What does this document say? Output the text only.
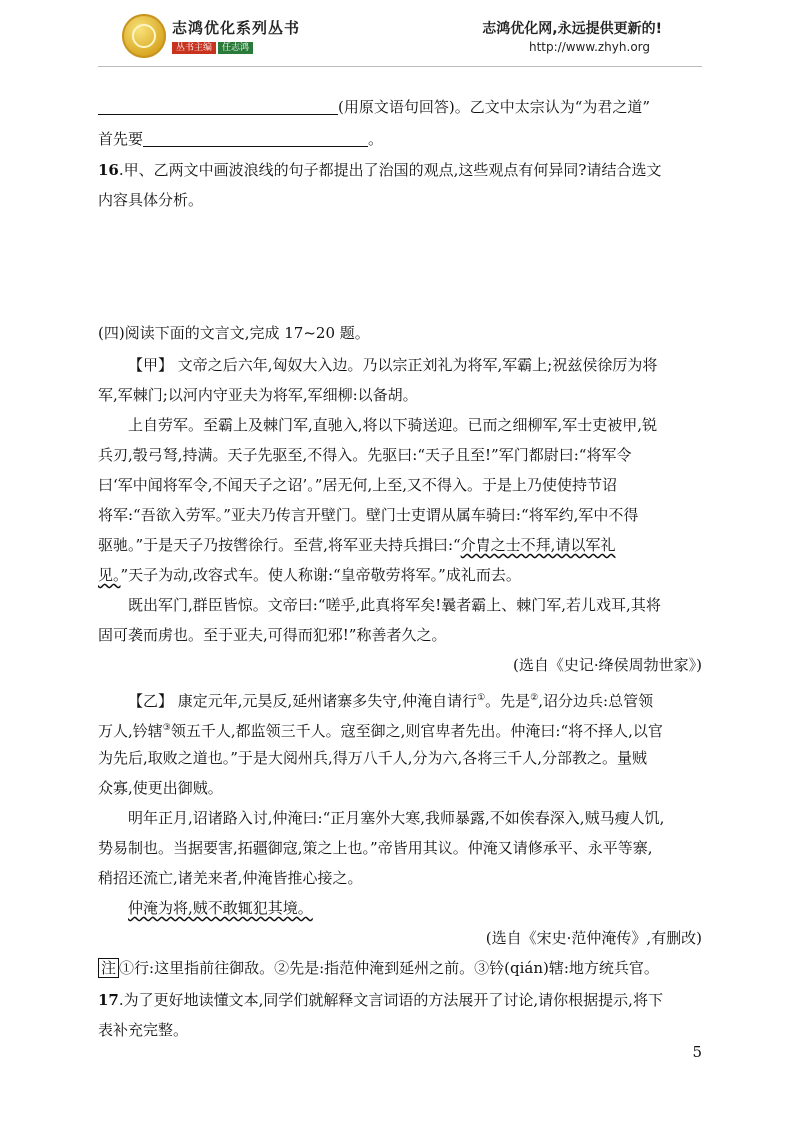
志鸿优化系列丛书
丛书主编 任志鸿
志鸿优化网,永远提供更新的!
http://www.zhyh.org
(用原文语句回答)。乙文中太宗认为“为君之道”
首先要	。
16.甲、乙两文中画波浪线的句子都提出了治国的观点,这些观点有何异同?请结合选文
内容具体分析。
(四)阅读下面的文言文,完成 17~20 题。
【甲】 文帝之后六年,匈奴大入边。乃以宗正刘礼为将军,军霸上;祝兹侯徐厉为将
军,军棘门;以河内守亚夫为将军,军细柳:以备胡。
上自劳军。至霸上及棘门军,直驰入,将以下骑送迎。已而之细柳军,军士吏被甲,锐
兵刃,彀弓弩,持满。天子先驱至,不得入。先驱曰:“天子且至!”军门都尉曰:“将军令
曰‘军中闻将军令,不闻天子之诏’。”居无何,上至,又不得入。于是上乃使使持节诏
将军:“吾欲入劳军。”亚夫乃传言开壁门。壁门士吏谓从属车骑曰:“将军约,军中不得
驱驰。”于是天子乃按辔徐行。至营,将军亚夫持兵揖曰:“介胄之士不拜,请以军礼
见。”天子为动,改容式车。使人称谢:“皇帝敬劳将军。”成礼而去。
既出军门,群臣皆惊。文帝曰:“嗟乎,此真将军矣!曩者霸上、棘门军,若儿戏耳,其将
固可袭而虏也。至于亚夫,可得而犯邪!”称善者久之。
(选自《史记·绛侯周勃世家》)
【乙】 康定元年,元昊反,延州诸寨多失守,仲淹自请行①。先是②,诏分边兵:总管领
万人,钤辖③领五千人,都监领三千人。寇至御之,则官卑者先出。仲淹曰:“将不择人,以官
为先后,取败之道也。”于是大阅州兵,得万八千人,分为六,各将三千人,分部教之。量贼
众寡,使更出御贼。
明年正月,诏诸路入讨,仲淹曰:“正月塞外大寒,我师暴露,不如俟春深入,贼马瘦人饥,
势易制也。当据要害,拓疆御寇,策之上也。”帝皆用其议。仲淹又请修承平、永平等寨,
稍招还流亡,诸羌来者,仲淹皆推心接之。
仲淹为将,贼不敢辄犯其境。
(选自《宋史·范仲淹传》,有删改)
注 ①行:这里指前往御敌。②先是:指范仲淹到延州之前。③钤(qián)辖:地方统兵官。
17.为了更好地读懂文本,同学们就解释文言词语的方法展开了讨论,请你根据提示,将下
表补充完整。
5
